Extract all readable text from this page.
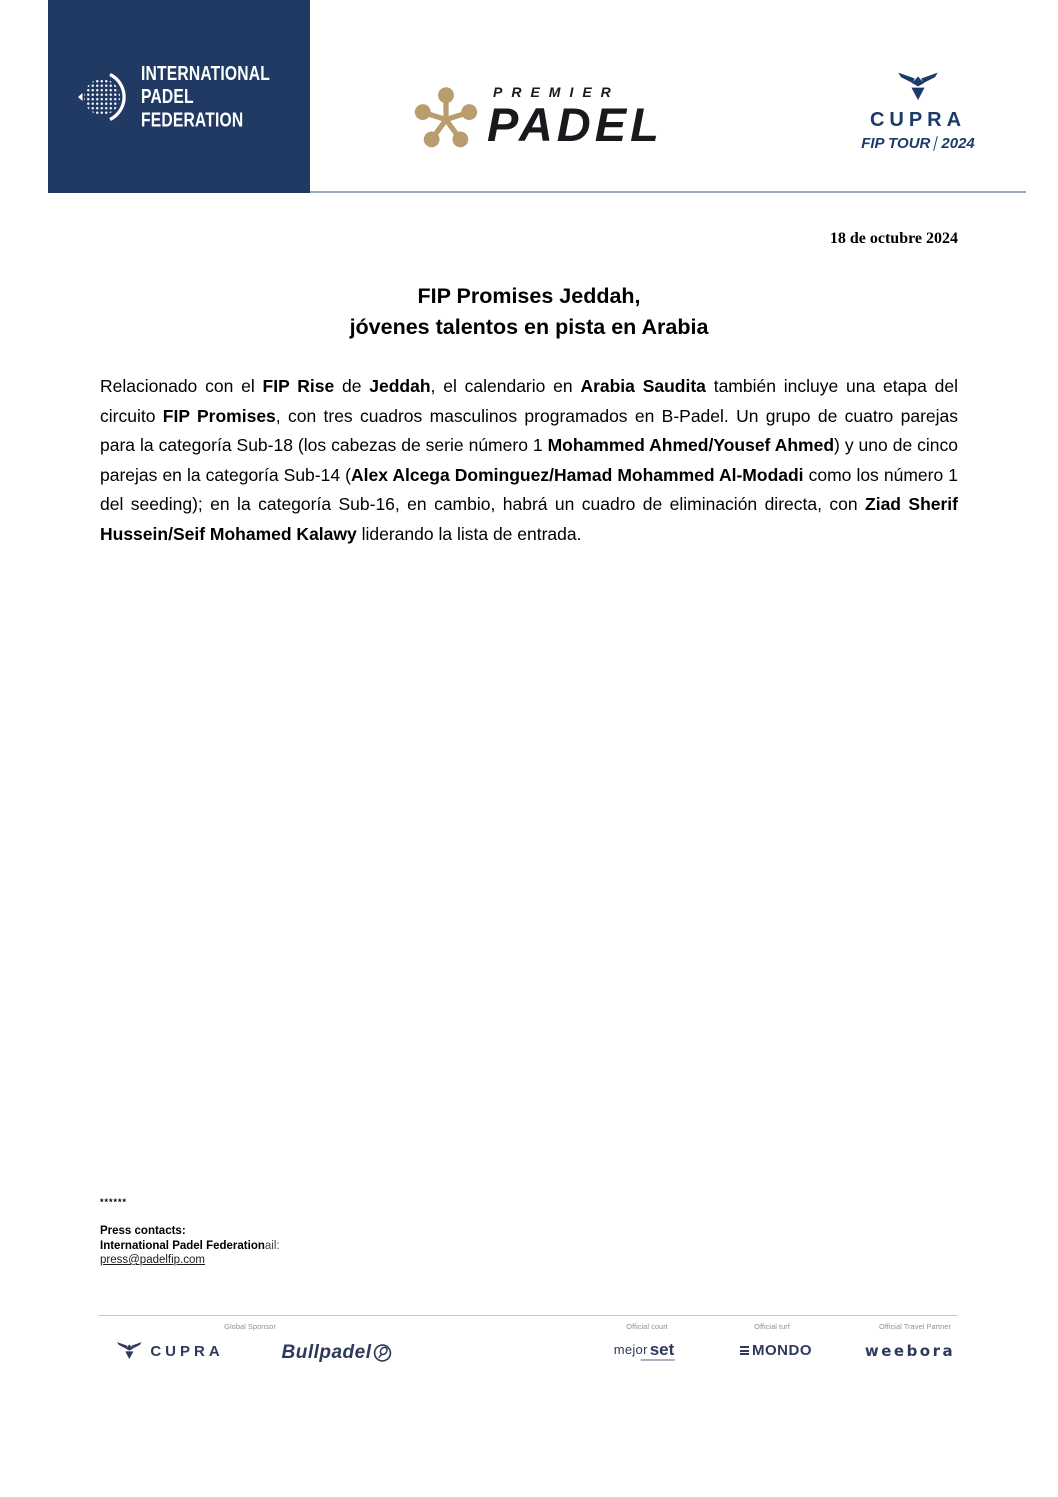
INTERNATIONAL
PADEL
FEDERATION
PREMIER
PADEL	CUPRA
FIP TOUR 2024
18 de octubre 2024
FIP Promises Jeddah,
jóvenes talentos en pista en Arabia

Relacionado con el FIP Rise de Jeddah, el calendario en Arabia Saudita también incluye una etapa del circuito FIP Promises, con tres cuadros masculinos programados en B-Padel. Un grupo de cuatro parejas para la categoría Sub-18 (los cabezas de serie número 1 Mohammed Ahmed/Yousef Ahmed) y uno de cinco parejas en la categoría Sub-14 (Alex Alcega Dominguez/Hamad Mohammed Al-Modadi como los número 1 del seeding); en la categoría Sub-16, en cambio, habrá un cuadro de eliminación directa, con Ziad Sherif Hussein/Seif Mohamed Kalawy liderando la lista de entrada.

******
Press contacts:
International Padel Federationail:
press@padelfip.com
Global Sponsor	Official court	Official turf	Official Travel Partner
CUPRA	Bullpadel	mejor set	MONDO	weebora
